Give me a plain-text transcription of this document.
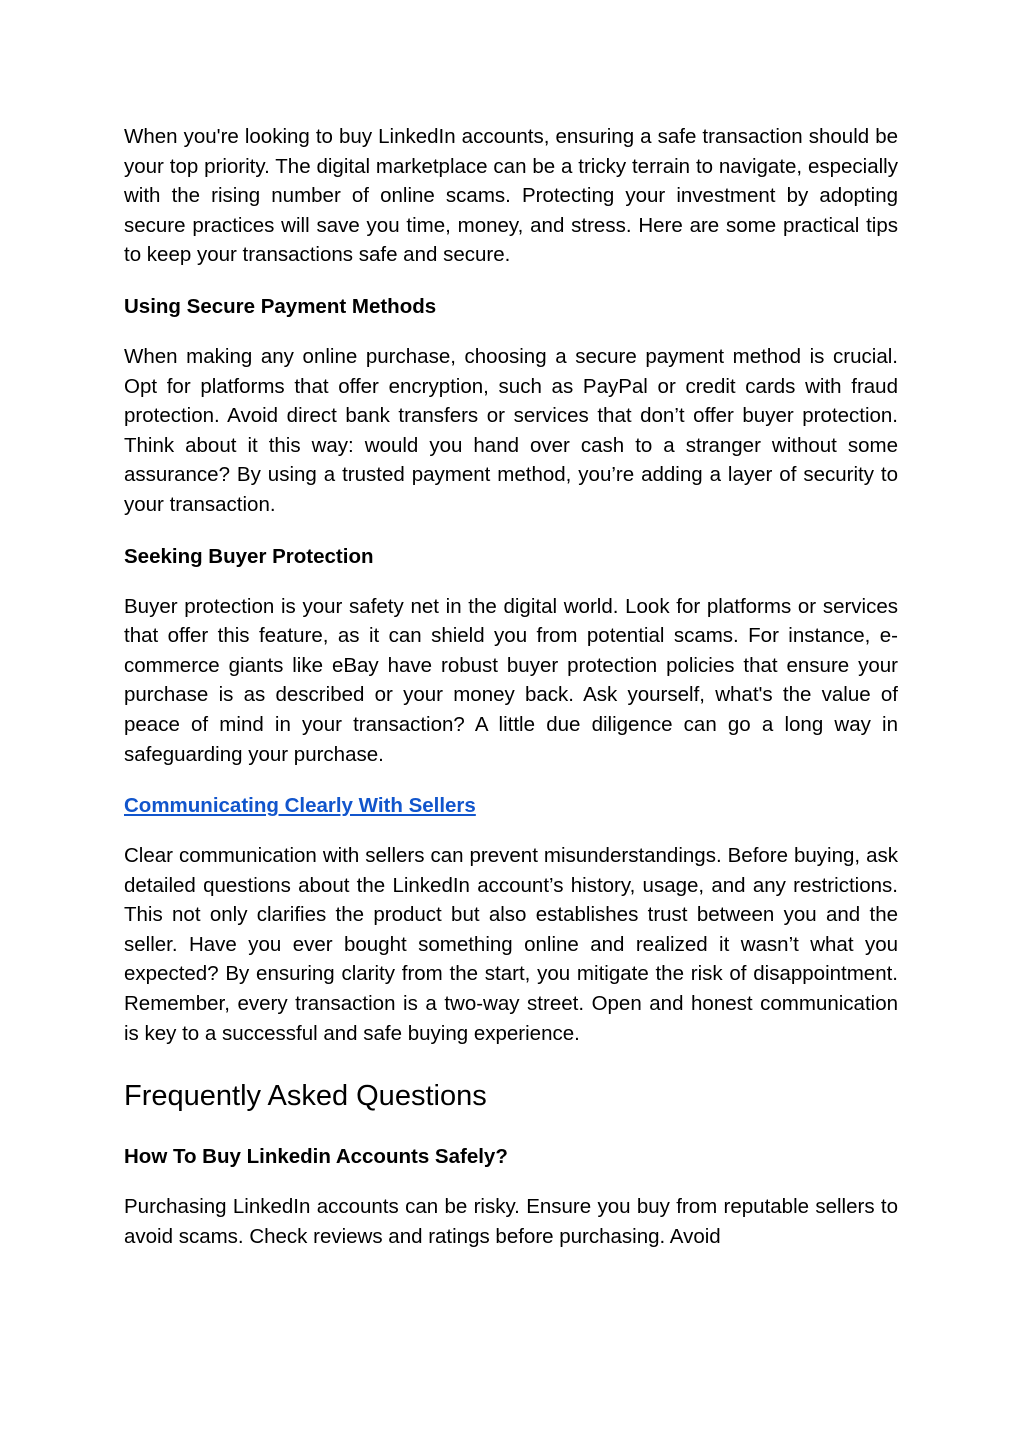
When you're looking to buy LinkedIn accounts, ensuring a safe transaction should be your top priority. The digital marketplace can be a tricky terrain to navigate, especially with the rising number of online scams. Protecting your investment by adopting secure practices will save you time, money, and stress. Here are some practical tips to keep your transactions safe and secure.

Using Secure Payment Methods

When making any online purchase, choosing a secure payment method is crucial. Opt for platforms that offer encryption, such as PayPal or credit cards with fraud protection. Avoid direct bank transfers or services that don’t offer buyer protection. Think about it this way: would you hand over cash to a stranger without some assurance? By using a trusted payment method, you’re adding a layer of security to your transaction.

Seeking Buyer Protection

Buyer protection is your safety net in the digital world. Look for platforms or services that offer this feature, as it can shield you from potential scams. For instance, e-commerce giants like eBay have robust buyer protection policies that ensure your purchase is as described or your money back. Ask yourself, what's the value of peace of mind in your transaction? A little due diligence can go a long way in safeguarding your purchase.

Communicating Clearly With Sellers

Clear communication with sellers can prevent misunderstandings. Before buying, ask detailed questions about the LinkedIn account’s history, usage, and any restrictions. This not only clarifies the product but also establishes trust between you and the seller. Have you ever bought something online and realized it wasn’t what you expected? By ensuring clarity from the start, you mitigate the risk of disappointment. Remember, every transaction is a two-way street. Open and honest communication is key to a successful and safe buying experience.

Frequently Asked Questions
How To Buy Linkedin Accounts Safely?

Purchasing LinkedIn accounts can be risky. Ensure you buy from reputable sellers to avoid scams. Check reviews and ratings before purchasing. Avoid
